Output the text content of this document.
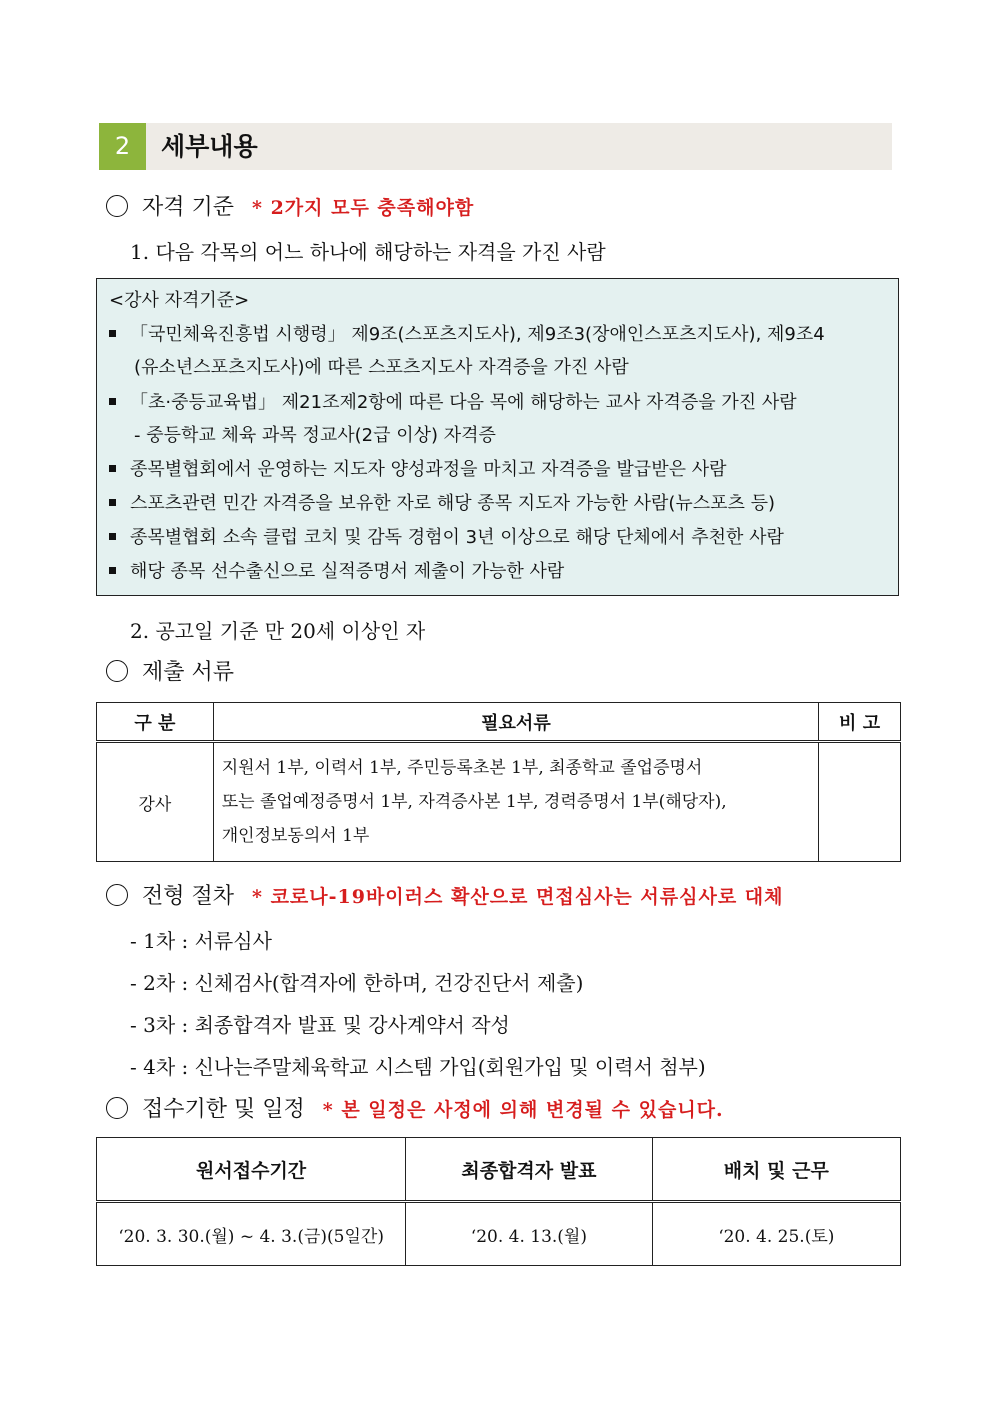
2	세부내용
자격 기준 * 2가지 모두 충족해야함
1. 다음 각목의 어느 하나에 해당하는 자격을 가진 사람
<강사 자격기준>
「국민체육진흥법 시행령」 제9조(스포츠지도사), 제9조3(장애인스포츠지도사), 제9조4
(유소년스포츠지도사)에 따른 스포츠지도사 자격증을 가진 사람
「초·중등교육법」 제21조제2항에 따른 다음 목에 해당하는 교사 자격증을 가진 사람
- 중등학교 체육 과목 정교사(2급 이상) 자격증
종목별협회에서 운영하는 지도자 양성과정을 마치고 자격증을 발급받은 사람
스포츠관련 민간 자격증을 보유한 자로 해당 종목 지도자 가능한 사람(뉴스포츠 등)
종목별협회 소속 클럽 코치 및 감독 경험이 3년 이상으로 해당 단체에서 추천한 사람
해당 종목 선수출신으로 실적증명서 제출이 가능한 사람
2. 공고일 기준 만 20세 이상인 자
제출 서류
구 분	필요서류	비 고
강사	지원서 1부, 이력서 1부, 주민등록초본 1부, 최종학교 졸업증명서
또는 졸업예정증명서 1부, 자격증사본 1부, 경력증명서 1부(해당자),
개인정보동의서 1부	

전형 절차 * 코로나-19바이러스 확산으로 면접심사는 서류심사로 대체
- 1차 : 서류심사
- 2차 : 신체검사(합격자에 한하며, 건강진단서 제출)
- 3차 : 최종합격자 발표 및 강사계약서 작성
- 4차 : 신나는주말체육학교 시스템 가입(회원가입 및 이력서 첨부)
접수기한 및 일정 * 본 일정은 사정에 의해 변경될 수 있습니다.
원서접수기간	최종합격자 발표	배치 및 근무
‘20. 3. 30.(월) ~ 4. 3.(금)(5일간)	‘20. 4. 13.(월)	‘20. 4. 25.(토)
